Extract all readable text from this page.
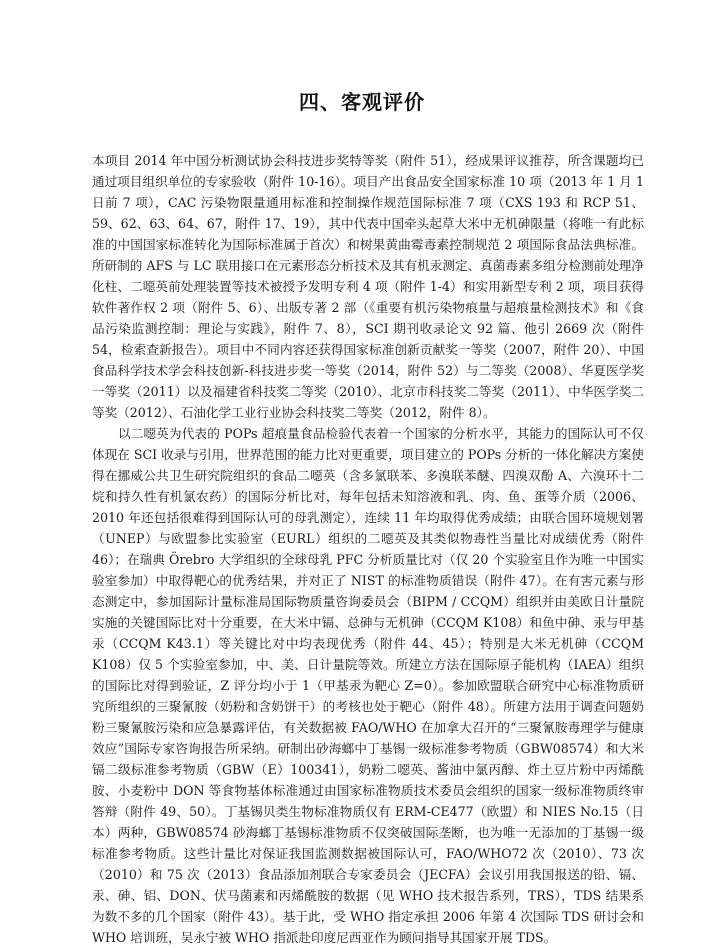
四、客观评价

本项目 2014 年中国分析测试协会科技进步奖特等奖（附件 51），经成果评议推荐，所含课题均已通过项目组织单位的专家验收（附件 10-16）。项目产出食品安全国家标准 10 项（2013 年 1 月 1 日前 7 项），CAC 污染物限量通用标准和控制操作规范国际标准 7 项（CXS 193 和 RCP 51、59、62、63、64、67，附件 17、19），其中代表中国牵头起草大米中无机砷限量（将唯一有此标准的中国国家标准转化为国际标准属于首次）和树果黄曲霉毒素控制规范 2 项国际食品法典标准。所研制的 AFS 与 LC 联用接口在元素形态分析技术及其有机汞测定、真菌毒素多组分检测前处理净化柱、二噁英前处理装置等技术被授予发明专利 4 项（附件 1-4）和实用新型专利 2 项，项目获得软件著作权 2 项（附件 5、6）、出版专著 2 部（《重要有机污染物痕量与超痕量检测技术》和《食品污染监测控制：理论与实践》，附件 7、8），SCI 期刊收录论文 92 篇、他引 2669 次（附件 54，检索查新报告）。项目中不同内容还获得国家标准创新贡献奖一等奖（2007，附件 20）、中国食品科学技术学会科技创新-科技进步奖一等奖（2014，附件 52）与二等奖（2008）、华夏医学奖一等奖（2011）以及福建省科技奖二等奖（2010）、北京市科技奖二等奖（2011）、中华医学奖二等奖（2012）、石油化学工业行业协会科技奖二等奖（2012，附件 8）。

以二噁英为代表的 POPs 超痕量食品检验代表着一个国家的分析水平，其能力的国际认可不仅体现在 SCI 收录与引用，世界范围的能力比对更重要，项目建立的 POPs 分析的一体化解决方案使得在挪威公共卫生研究院组织的食品二噁英（含多氯联苯、多溴联苯醚、四溴双酚 A、六溴环十二烷和持久性有机氯农药）的国际分析比对，每年包括未知溶液和乳、肉、鱼、蛋等介质（2006、2010 年还包括很难得到国际认可的母乳测定），连续 11 年均取得优秀成绩；由联合国环境规划署（UNEP）与欧盟参比实验室（EURL）组织的二噁英及其类似物毒性当量比对成绩优秀（附件 46）；在瑞典 Örebro 大学组织的全球母乳 PFC 分析质量比对（仅 20 个实验室且作为唯一中国实验室参加）中取得靶心的优秀结果，并对正了 NIST 的标准物质错误（附件 47）。在有害元素与形态测定中，参加国际计量标准局国际物质量咨询委员会（BIPM / CCQM）组织并由美欧日计量院实施的关键国际比对十分重要，在大米中镉、总砷与无机砷（CCQM K108）和鱼中砷、汞与甲基汞（CCQM K43.1）等关键比对中均表现优秀（附件 44、45）；特别是大米无机砷（CCQM K108）仅 5 个实验室参加，中、美、日计量院等效。所建立方法在国际原子能机构（IAEA）组织的国际比对得到验证，Z 评分均小于 1（甲基汞为靶心 Z=0）。参加欧盟联合研究中心标准物质研究所组织的三聚氰胺（奶粉和含奶饼干）的考核也处于靶心（附件 48）。所建方法用于调查问题奶粉三聚氰胺污染和应急暴露评估，有关数据被 FAO/WHO 在加拿大召开的“三聚氰胺毒理学与健康效应”国际专家咨询报告所采纳。研制出砂海螂中丁基锡一级标准参考物质（GBW08574）和大米镉二级标准参考物质（GBW（E）100341），奶粉二噁英、酱油中氯丙醇、炸土豆片粉中丙烯酰胺、小麦粉中 DON 等食物基体标准通过由国家标准物质技术委员会组织的国家一级标准物质终审答辩（附件 49、50）。丁基锡贝类生物标准物质仅有 ERM-CE477（欧盟）和 NIES No.15（日本）两种，GBW08574 砂海螂丁基锡标准物质不仅突破国际垄断，也为唯一无添加的丁基锡一级标准参考物质。这些计量比对保证我国监测数据被国际认可，FAO/WHO72 次（2010）、73 次（2010）和 75 次（2013）食品添加剂联合专家委员会（JECFA）会议引用我国报送的铅、镉、汞、砷、铝、DON、伏马菌素和丙烯酰胺的数据（见 WHO 技术报告系列，TRS），TDS 结果系为数不多的几个国家（附件 43）。基于此，受 WHO 指定承担 2006 年第 4 次国际 TDS 研讨会和 WHO 培训班，吴永宁被 WHO 指派赴印度尼西亚作为顾问指导其国家开展 TDS。
